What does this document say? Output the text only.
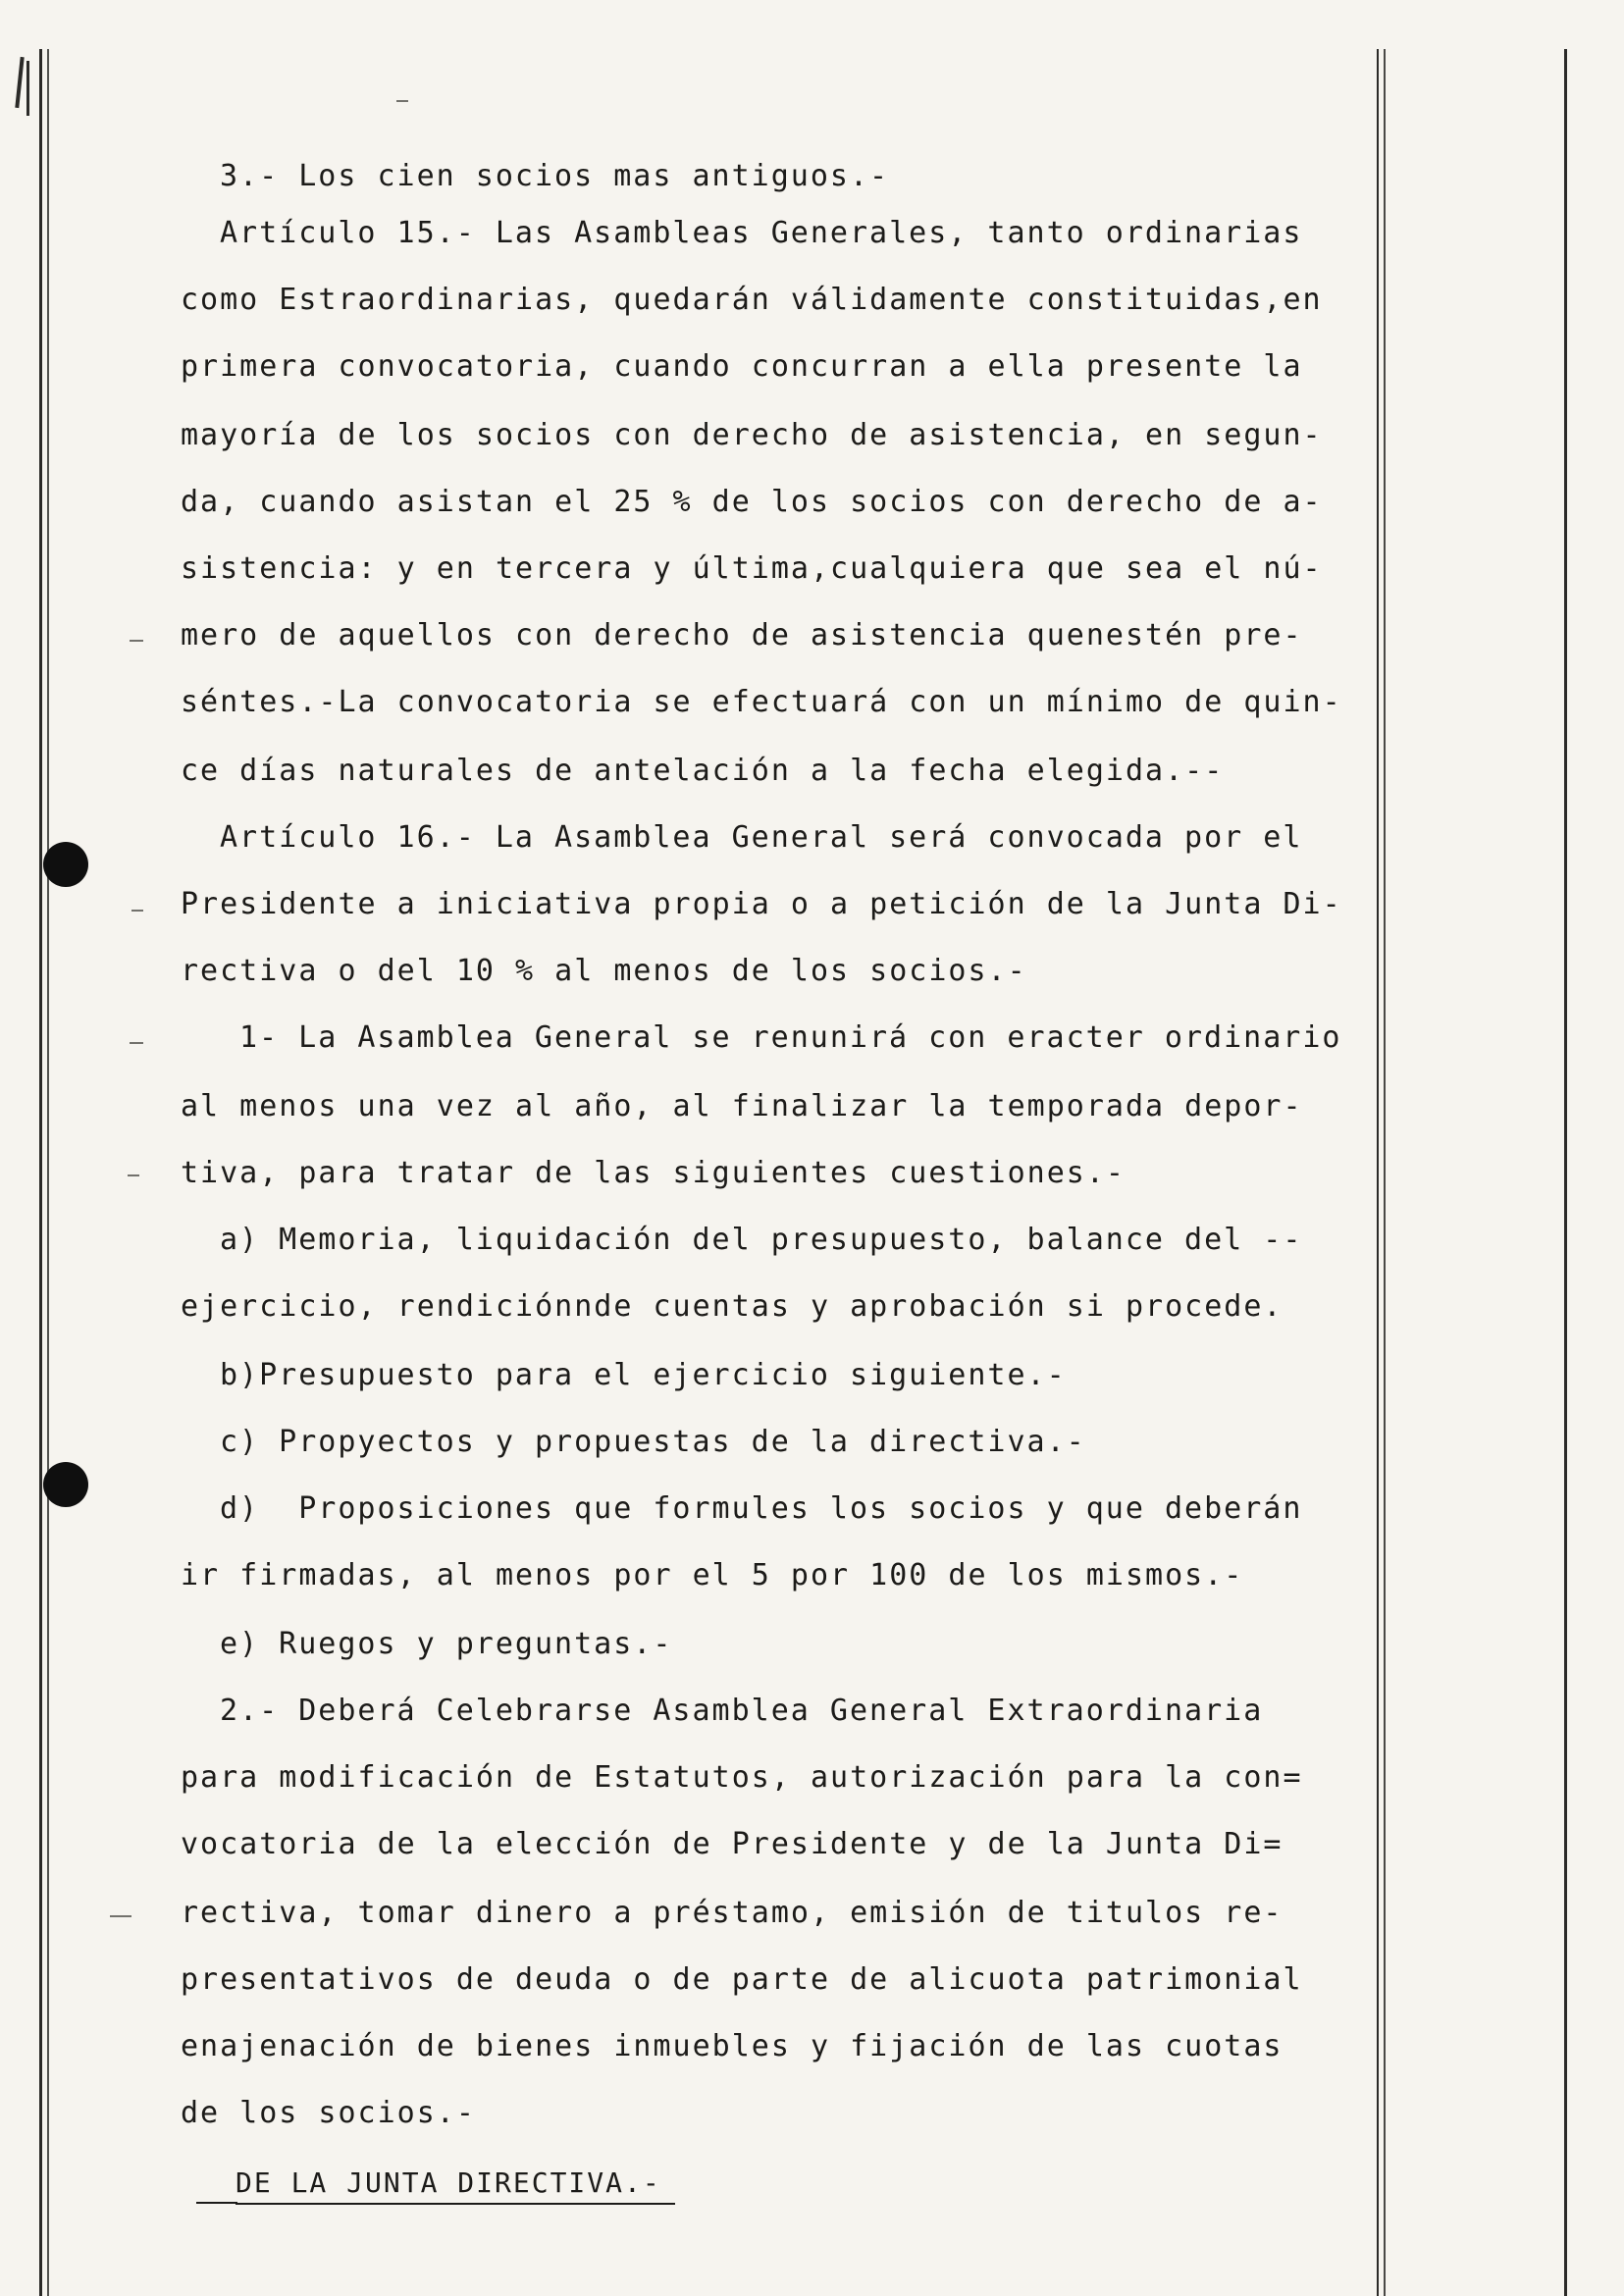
3.- Los cien socios mas antiguos.-
Artículo 15.- Las Asambleas Generales, tanto ordinarias
como Estraordinarias, quedarán válidamente constituidas,en
primera convocatoria, cuando concurran a ella presente la
mayoría de los socios con derecho de asistencia, en segun-
da, cuando asistan el 25 % de los socios con derecho de a-
sistencia: y en tercera y última,cualquiera que sea el nú-
mero de aquellos con derecho de asistencia quenestén pre-
séntes.-La convocatoria se efectuará con un mínimo de quin-
ce días naturales de antelación a la fecha elegida.--
Artículo 16.- La Asamblea General será convocada por el
Presidente a iniciativa propia o a petición de la Junta Di-
rectiva o del 10 % al menos de los socios.-
1- La Asamblea General se renunirá con eracter ordinario
al menos una vez al año, al finalizar la temporada depor-
tiva, para tratar de las siguientes cuestiones.-
a) Memoria, liquidación del presupuesto, balance del --
ejercicio, rendiciónnde cuentas y aprobación si procede.
b)Presupuesto para el ejercicio siguiente.-
c) Propyectos y propuestas de la directiva.-
d)  Proposiciones que formules los socios y que deberán
ir firmadas, al menos por el 5 por 100 de los mismos.-
e) Ruegos y preguntas.-
2.- Deberá Celebrarse Asamblea General Extraordinaria
para modificación de Estatutos, autorización para la con=
vocatoria de la elección de Presidente y de la Junta Di=
rectiva, tomar dinero a préstamo, emisión de titulos re-
presentativos de deuda o de parte de alicuota patrimonial
enajenación de bienes inmuebles y fijación de las cuotas
de los socios.-
DE LA JUNTA DIRECTIVA.-
